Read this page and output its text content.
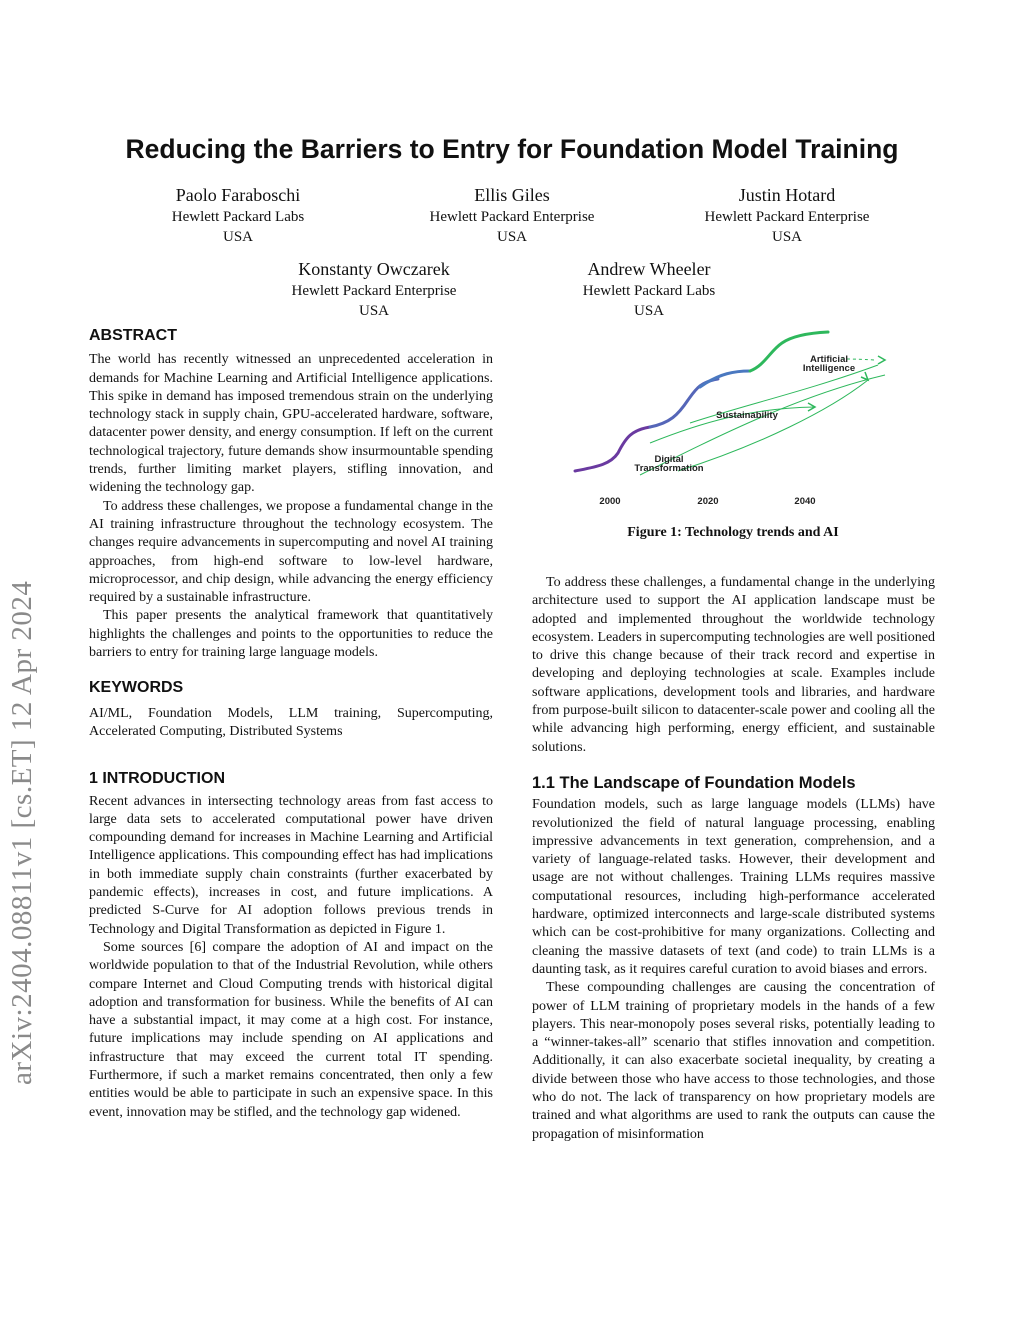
arXiv:2404.08811v1 [cs.ET] 12 Apr 2024
Reducing the Barriers to Entry for Foundation Model Training
Paolo Faraboschi
Hewlett Packard Labs
USA
Ellis Giles
Hewlett Packard Enterprise
USA
Justin Hotard
Hewlett Packard Enterprise
USA
Konstanty Owczarek
Hewlett Packard Enterprise
USA
Andrew Wheeler
Hewlett Packard Labs
USA
ABSTRACT

The world has recently witnessed an unprecedented acceleration in demands for Machine Learning and Artificial Intelligence applications. This spike in demand has imposed tremendous strain on the underlying technology stack in supply chain, GPU-accelerated hardware, software, datacenter power density, and energy consumption. If left on the current technological trajectory, future demands show insurmountable spending trends, further limiting market players, stifling innovation, and widening the technology gap.

To address these challenges, we propose a fundamental change in the AI training infrastructure throughout the technology ecosystem. The changes require advancements in supercomputing and novel AI training approaches, from high-end software to low-level hardware, microprocessor, and chip design, while advancing the energy efficiency required by a sustainable infrastructure.

This paper presents the analytical framework that quantitatively highlights the challenges and points to the opportunities to reduce the barriers to entry for training large language models.

KEYWORDS

AI/ML, Foundation Models, LLM training, Supercomputing, Accelerated Computing, Distributed Systems

1 INTRODUCTION

Recent advances in intersecting technology areas from fast access to large data sets to accelerated computational power have driven compounding demand for increases in Machine Learning and Artificial Intelligence applications. This compounding effect has had implications in both immediate supply chain constraints (further exacerbated by pandemic effects), increases in cost, and future implications. A predicted S-Curve for AI adoption follows previous trends in Technology and Digital Transformation as depicted in Figure 1.

Some sources [6] compare the adoption of AI and impact on the worldwide population to that of the Industrial Revolution, while others compare Internet and Cloud Computing trends with historical digital adoption and transformation for business. While the benefits of AI can have a substantial impact, it may come at a high cost. For instance, future implications may include spending on AI applications and infrastructure that may exceed the current total IT spending. Furthermore, if such a market remains concentrated, then only a few entities would be able to participate in such an expensive space. In this event, innovation may be stifled, and the technology gap widened.

Artificial
Intelligence
Sustainability
Digital
Transformation
2000	2020	2040
Figure 1: Technology trends and AI

To address these challenges, a fundamental change in the underlying architecture used to support the AI application landscape must be adopted and implemented throughout the worldwide technology ecosystem. Leaders in supercomputing technologies are well positioned to drive this change because of their track record and expertise in developing and deploying technologies at scale. Examples include software applications, development tools and libraries, and hardware from purpose-built silicon to datacenter-scale power and cooling all the while advancing high performing, energy efficient, and sustainable solutions.

1.1 The Landscape of Foundation Models

Foundation models, such as large language models (LLMs) have revolutionized the field of natural language processing, enabling impressive advancements in text generation, comprehension, and a variety of language-related tasks. However, their development and usage are not without challenges. Training LLMs requires massive computational resources, including high-performance accelerated hardware, optimized interconnects and large-scale distributed systems which can be cost-prohibitive for many organizations. Collecting and cleaning the massive datasets of text (and code) to train LLMs is a daunting task, as it requires careful curation to avoid biases and errors.

These compounding challenges are causing the concentration of power of LLM training of proprietary models in the hands of a few players. This near-monopoly poses several risks, potentially leading to a “winner-takes-all” scenario that stifles innovation and competition. Additionally, it can also exacerbate societal inequality, by creating a divide between those who have access to those technologies, and those who do not. The lack of transparency on how proprietary models are trained and what algorithms are used to rank the outputs can cause the propagation of misinformation
